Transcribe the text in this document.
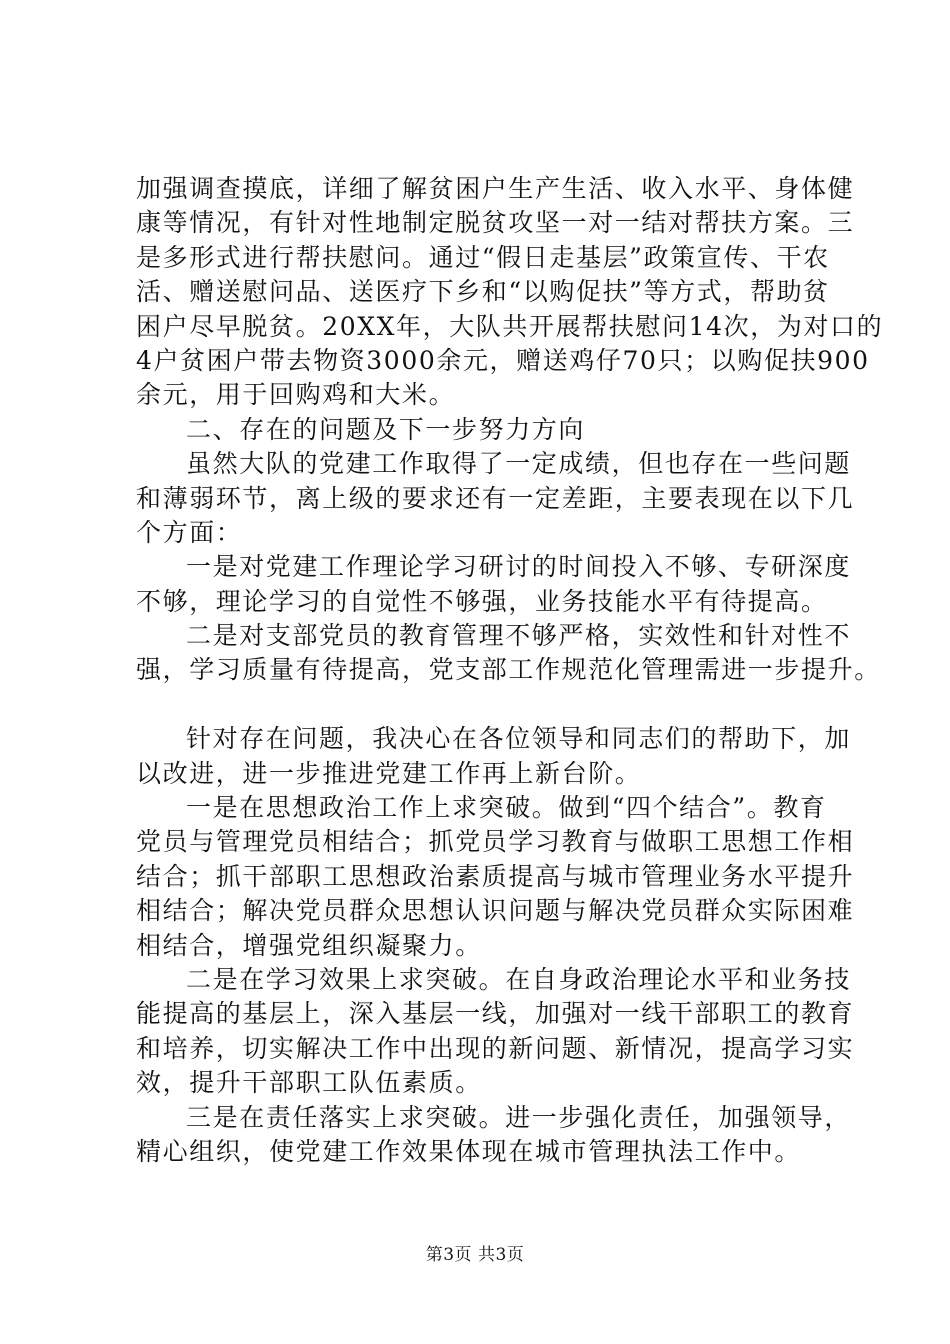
加强调查摸底，详细了解贫困户生产生活、收入水平、身体健
康等情况，有针对性地制定脱贫攻坚一对一结对帮扶方案。三
是多形式进行帮扶慰问。通过“假日走基层”政策宣传、干农
活、赠送慰问品、送医疗下乡和“以购促扶”等方式，帮助贫
困户尽早脱贫。20XX年，大队共开展帮扶慰问14次，为对口的
4户贫困户带去物资3000余元，赠送鸡仔70只；以购促扶900
余元，用于回购鸡和大米。
二、存在的问题及下一步努力方向
虽然大队的党建工作取得了一定成绩，但也存在一些问题
和薄弱环节，离上级的要求还有一定差距，主要表现在以下几
个方面：
一是对党建工作理论学习研讨的时间投入不够、专研深度
不够，理论学习的自觉性不够强，业务技能水平有待提高。
二是对支部党员的教育管理不够严格，实效性和针对性不
强，学习质量有待提高，党支部工作规范化管理需进一步提升。
针对存在问题，我决心在各位领导和同志们的帮助下，加
以改进，进一步推进党建工作再上新台阶。
一是在思想政治工作上求突破。做到“四个结合”。教育
党员与管理党员相结合；抓党员学习教育与做职工思想工作相
结合；抓干部职工思想政治素质提高与城市管理业务水平提升
相结合；解决党员群众思想认识问题与解决党员群众实际困难
相结合，增强党组织凝聚力。
二是在学习效果上求突破。在自身政治理论水平和业务技
能提高的基层上，深入基层一线，加强对一线干部职工的教育
和培养，切实解决工作中出现的新问题、新情况，提高学习实
效，提升干部职工队伍素质。
三是在责任落实上求突破。进一步强化责任，加强领导，
精心组织，使党建工作效果体现在城市管理执法工作中。
第3页 共3页
